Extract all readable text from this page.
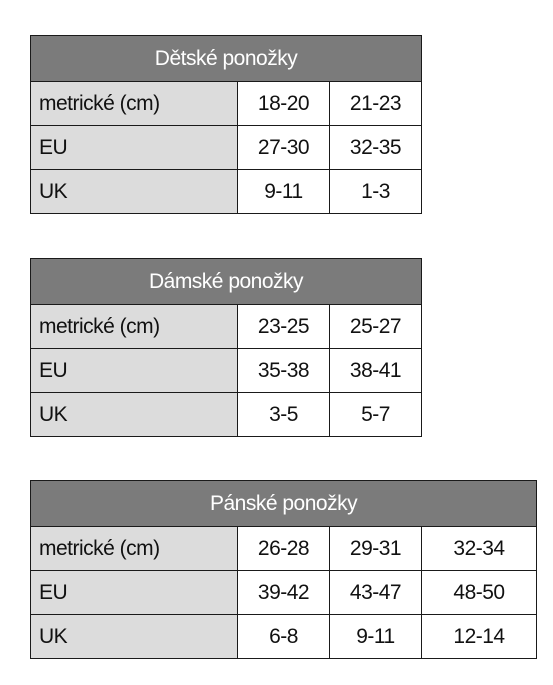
Dětské ponožky		
metrické (cm)	18-20	21-23
EU	27-30	32-35
UK	9-11	1-3
Dámské ponožky		
metrické (cm)	23-25	25-27
EU	35-38	38-41
UK	3-5	5-7
Pánské ponožky			
metrické (cm)	26-28	29-31	32-34
EU	39-42	43-47	48-50
UK	6-8	9-11	12-14
